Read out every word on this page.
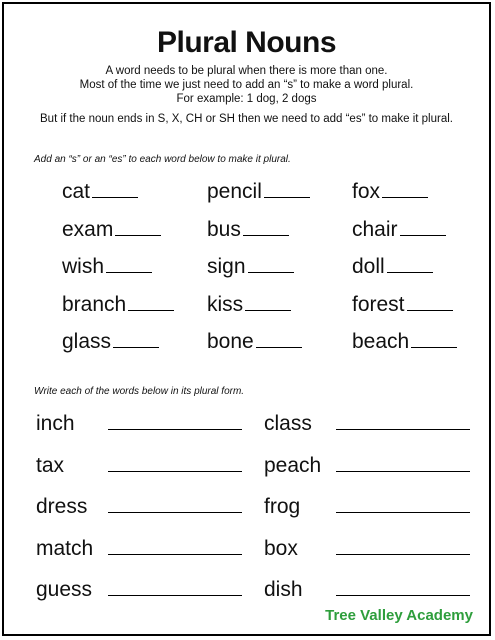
Plural Nouns
A word needs to be plural when there is more than one.
Most of the time we just need to add an “s” to make a word plural.
For example: 1 dog, 2 dogs
But if the noun ends in S, X, CH or SH then we need to add “es” to make it plural.
Add an “s” or an “es” to each word below to make it plural.
cat	pencil	fox
exam	bus	chair
wish	sign	doll
branch	kiss	forest
glass	bone	beach
Write each of the words below in its plural form.
inch	class
tax	peach
dress	frog
match	box
guess	dish
Tree Valley Academy
